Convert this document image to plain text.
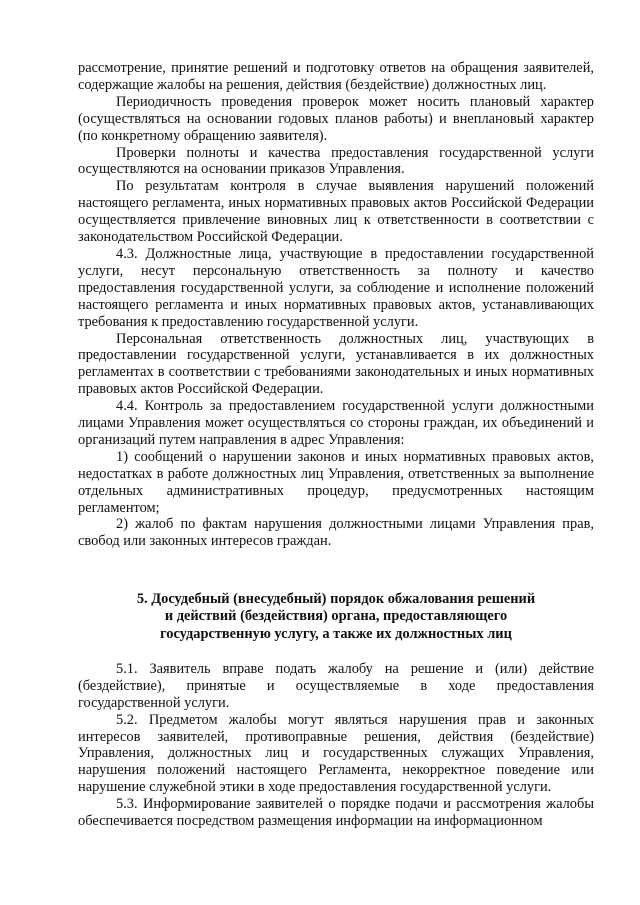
рассмотрение, принятие решений и подготовку ответов на обращения заявителей, содержащие жалобы на решения, действия (бездействие) должностных лиц.

Периодичность проведения проверок может носить плановый характер (осуществляться на основании годовых планов работы) и внеплановый характер (по конкретному обращению заявителя).

Проверки полноты и качества предоставления государственной услуги осуществляются на основании приказов Управления.

По результатам контроля в случае выявления нарушений положений настоящего регламента, иных нормативных правовых актов Российской Федерации осуществляется привлечение виновных лиц к ответственности в соответствии с законодательством Российской Федерации.

4.3. Должностные лица, участвующие в предоставлении государственной услуги, несут персональную ответственность за полноту и качество предоставления государственной услуги, за соблюдение и исполнение положений настоящего регламента и иных нормативных правовых актов, устанавливающих требования к предоставлению государственной услуги.

Персональная ответственность должностных лиц, участвующих в предоставлении государственной услуги, устанавливается в их должностных регламентах в соответствии с требованиями законодательных и иных нормативных правовых актов Российской Федерации.

4.4. Контроль за предоставлением государственной услуги должностными лицами Управления может осуществляться со стороны граждан, их объединений и организаций путем направления в адрес Управления:

1) сообщений о нарушении законов и иных нормативных правовых актов, недостатках в работе должностных лиц Управления, ответственных за выполнение отдельных административных процедур, предусмотренных настоящим регламентом;

2) жалоб по фактам нарушения должностными лицами Управления прав, свобод или законных интересов граждан.

5. Досудебный (внесудебный) порядок обжалования решений
и действий (бездействия) органа, предоставляющего
государственную услугу, а также их должностных лиц

5.1. Заявитель вправе подать жалобу на решение и (или) действие (бездействие), принятые и осуществляемые в ходе предоставления государственной услуги.

5.2. Предметом жалобы могут являться нарушения прав и законных интересов заявителей, противоправные решения, действия (бездействие) Управления, должностных лиц и государственных служащих Управления, нарушения положений настоящего Регламента, некорректное поведение или нарушение служебной этики в ходе предоставления государственной услуги.

5.3. Информирование заявителей о порядке подачи и рассмотрения жалобы обеспечивается посредством размещения информации на информационном
